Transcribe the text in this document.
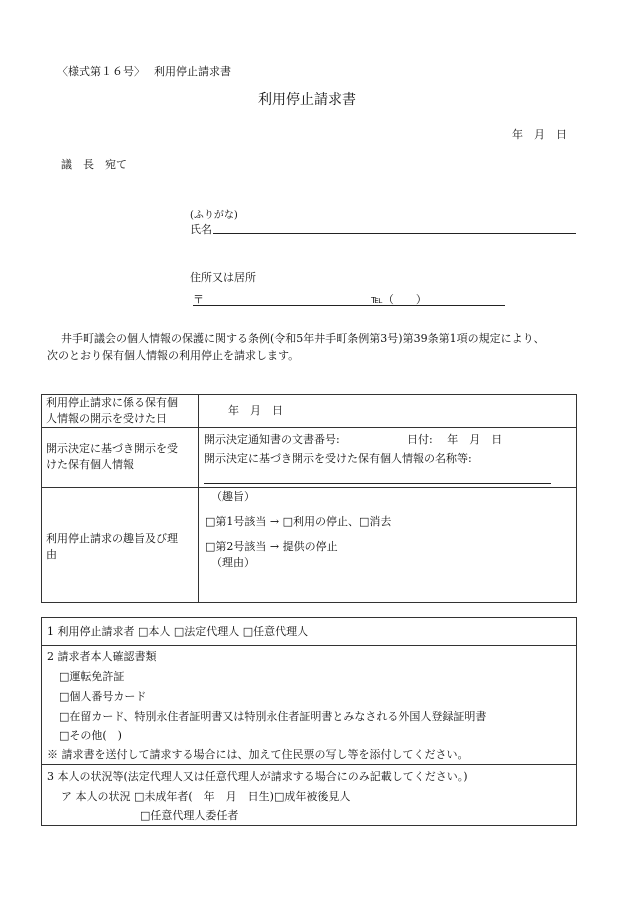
〈様式第１６号〉　 利用停止請求書
利用停止請求書
年　月　日
議　長　宛て
(ふりがな)
氏名
住所又は居所
〒	℡（　　）
井手町議会の個人情報の保護に関する条例(令和5年井手町条例第3号)第39条第1項の規定により、
次のとおり保有個人情報の利用停止を請求します。
利用停止請求に係る保有個
人情報の開示を受けた日
年　月　日
開示決定に基づき開示を受
けた保有個人情報
開示決定通知書の文書番号:	日付:　 年　月　日
開示決定に基づき開示を受けた保有個人情報の名称等:
利用停止請求の趣旨及び理
由
（趣旨）
□第1号該当 → □利用の停止、□消去
□第2号該当 → 提供の停止
（理由）
1 利用停止請求者 □本人 □法定代理人 □任意代理人
2 請求者本人確認書類
□運転免許証
□個人番号カード
□在留カード、特別永住者証明書又は特別永住者証明書とみなされる外国人登録証明書
□その他(　)
※ 請求書を送付して請求する場合には、加えて住民票の写し等を添付してください。
3 本人の状況等(法定代理人又は任意代理人が請求する場合にのみ記載してください。)
ア 本人の状況 □未成年者(　年　月　日生)□成年被後見人
□任意代理人委任者
